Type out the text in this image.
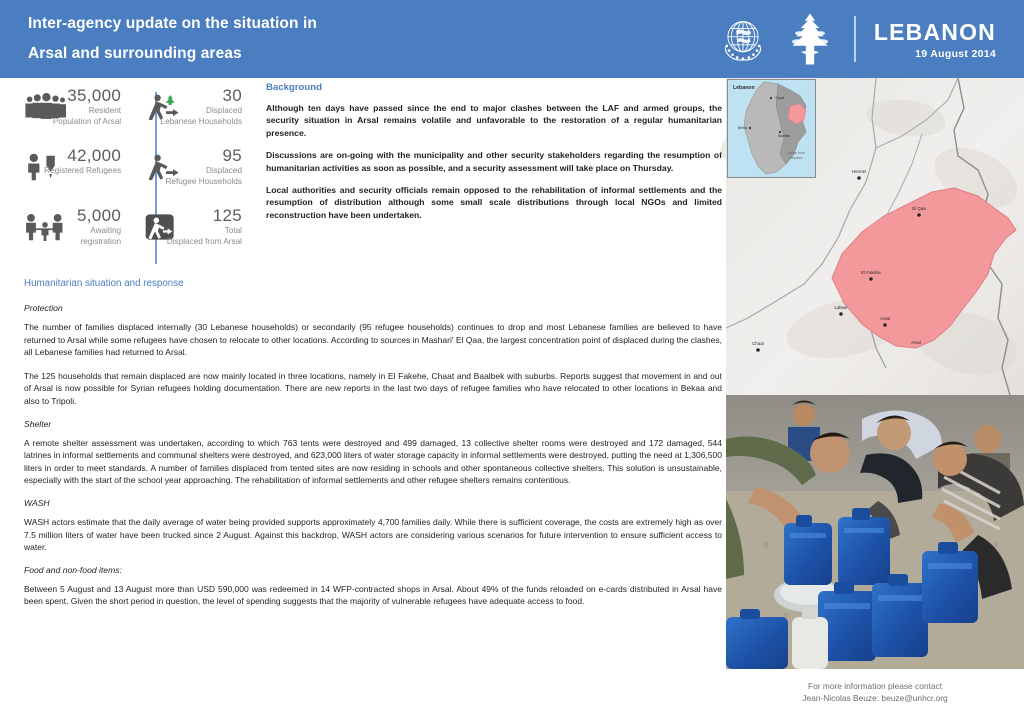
Inter-agency update on the situation in
Arsal and surrounding areas
LEBANON
19 August 2014
35,000
Resident
Population of Arsal
42,000
Registered Refugees
5,000
Awaiting
registration
30
Displaced
Lebanese Households
95
Displaced
Refugee Households
125
Total
Displaced from Arsal
Background
Although ten days have passed since the end to major clashes between the LAF and armed groups, the security situation in Arsal remains volatile and unfavorable to the restoration of a regular humanitarian presence.
Discussions are on-going with the municipality and other security stakeholders regarding the resumption of humanitarian activities as soon as possible, and a security assessment will take place on Thursday.
Local authorities and security officials remain opposed to the rehabilitation of informal settlements and the resumption of distribution although some small scale distributions through local NGOs and limited reconstruction have been undertaken.
Humanitarian situation and response
Protection
The number of families displaced internally (30 Lebanese households) or secondarily (95 refugee households) continues to drop and most Lebanese families are believed to have returned to Arsal while some refugees have chosen to relocate to other locations. According to sources in Mashari' El Qaa, the largest concentration point of displaced during the clashes, all Lebanese families had returned to Arsal.
The 125 households that remain displaced are now mainly located in three locations, namely in El Fakehe, Chaat and Baalbek with suburbs. Reports suggest that movement in and out of Arsal is now possible for Syrian refugees holding documentation. There are new reports in the last two days of refugee families who have relocated to other locations in Bekaa and also to Tripoli.
Shelter
A remote shelter assessment was undertaken, according to which 763 tents were destroyed and 499 damaged, 13 collective shelter rooms were destroyed and 172 damaged, 544 latrines in informal settlements and communal shelters were destroyed, and 623,000 liters of water storage capacity in informal settlements were destroyed, putting the need at 1,306,500 liters in order to meet standards. A number of families displaced from tented sites are now residing in schools and other spontaneous collective shelters. This solution is unsustainable, especially with the start of the school year approaching. The rehabilitation of informal settlements and other refugee shelters remains contentious.
WASH
WASH actors estimate that the daily average of water being provided supports approximately 4,700 families daily. While there is sufficient coverage, the costs are extremely high as over 7.5 million liters of water have been trucked since 2 August. Against this backdrop, WASH actors are considering various scenarios for future intervention to ensure sufficient access to water.
Food and non-food items:
Between 5 August and 13 August more than USD 590,000 was redeemed in 14 WFP-contracted shops in Arsal. About 49% of the funds reloaded on e-cards distributed in Arsal have been spent. Given the short period in question, the level of spending suggests that the majority of vulnerable refugees have adequate access to food.
Hermel
El Qaa
El Fakehe
Labwe
Chaat
Arsal
Arsal
Tripoli
Beirut
Baalbek
Syrian Arab
Republic
Lebanon
For more information please contact
Jean-Nicolas Beuze: beuze@unhcr.org
